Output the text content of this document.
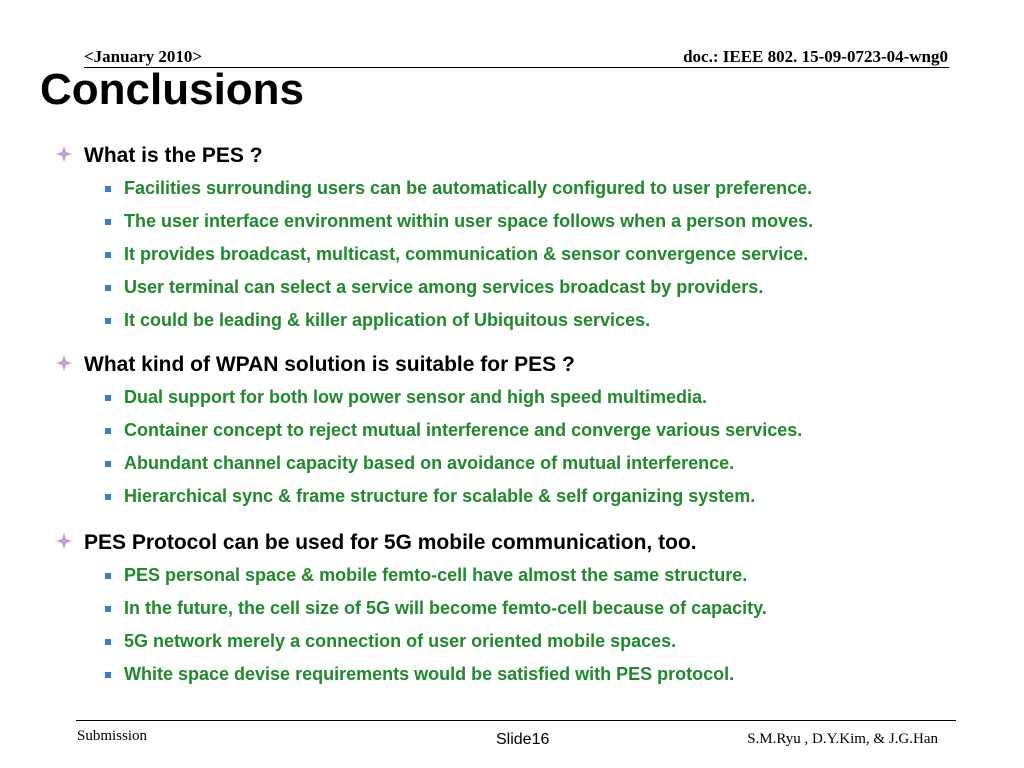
<January 2010>	doc.: IEEE 802. 15-09-0723-04-wng0
Conclusions
What is the PES ?
Facilities surrounding users can be automatically configured to user preference.
The user interface environment within user space follows when a person moves.
It provides broadcast, multicast, communication & sensor convergence service.
User terminal can select a service among services broadcast by providers.
It could be leading & killer application of Ubiquitous services.
What kind of WPAN solution is suitable for PES ?
Dual support for both low power sensor and high speed multimedia.
Container concept to reject mutual interference and converge various services.
Abundant channel capacity based on avoidance of mutual interference.
Hierarchical sync & frame structure for scalable & self organizing system.
PES Protocol can be used for 5G mobile communication, too.
PES personal space & mobile femto-cell have almost the same structure.
In the future, the cell size of 5G will become femto-cell because of capacity.
5G network merely a connection of user oriented mobile spaces.
White space devise requirements would be satisfied with PES protocol.
Submission	Slide16	S.M.Ryu , D.Y.Kim, & J.G.Han
